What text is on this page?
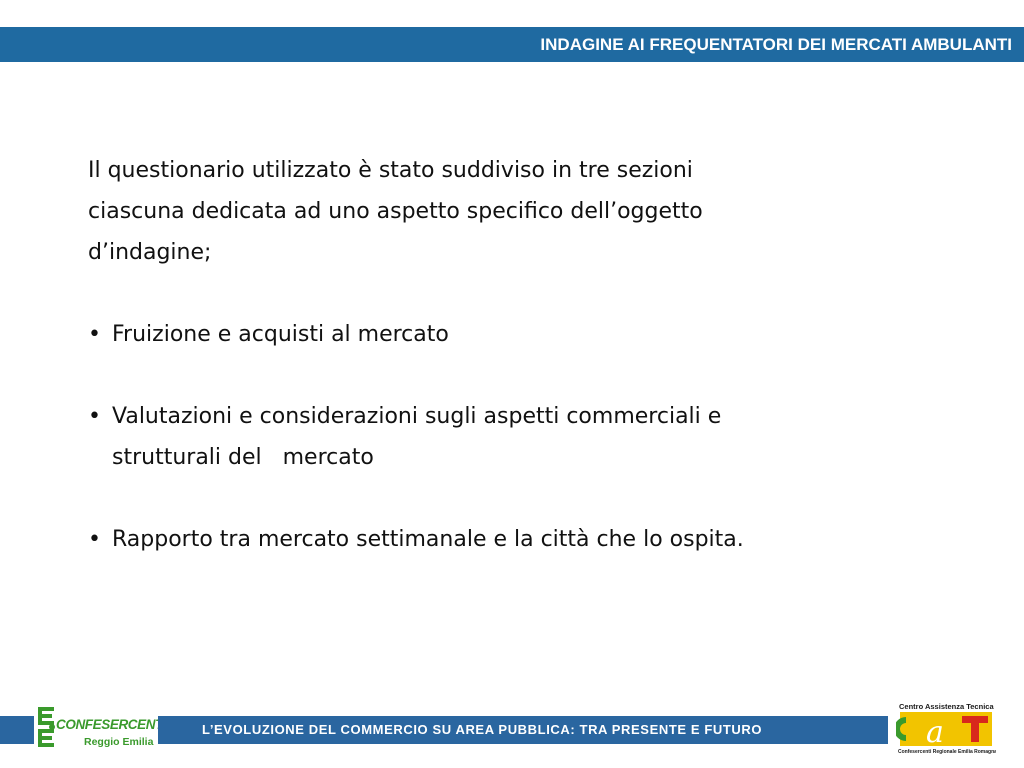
INDAGINE AI FREQUENTATORI DEI MERCATI AMBULANTI
Il questionario utilizzato è stato suddiviso in tre sezioni
ciascuna dedicata ad uno aspetto specifico dell’oggetto
d’indagine;
• Fruizione e acquisti al mercato
• Valutazioni e considerazioni sugli aspetti commerciali e
strutturali del   mercato
• Rapporto tra mercato settimanale e la città che lo ospita.
L’EVOLUZIONE DEL COMMERCIO SU AREA PUBBLICA: TRA PRESENTE E FUTURO
CONFESERCENTI
Reggio Emilia
Centro Assistenza Tecnica
a
Confesercenti Regionale Emilia Romagna
